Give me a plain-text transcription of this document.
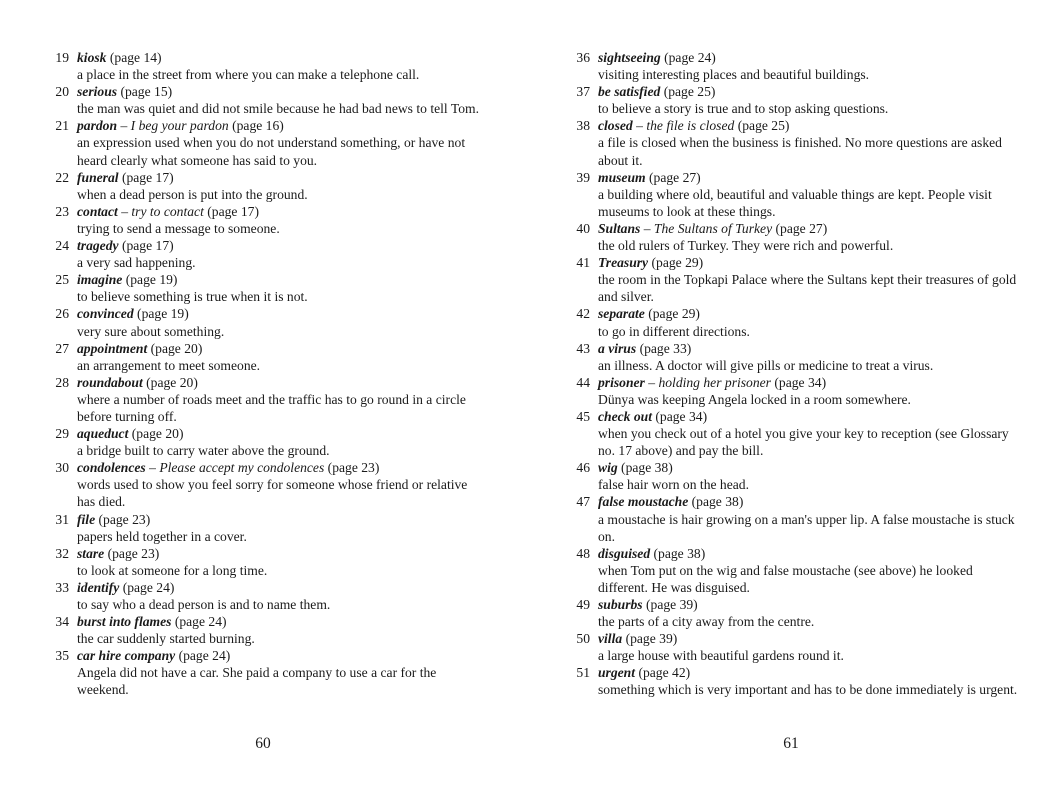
19 kiosk (page 14)
a place in the street from where you can make a telephone call.
20 serious (page 15)
the man was quiet and did not smile because he had bad news to tell Tom.
21 pardon – I beg your pardon (page 16)
an expression used when you do not understand something, or have not heard clearly what someone has said to you.
22 funeral (page 17)
when a dead person is put into the ground.
23 contact – try to contact (page 17)
trying to send a message to someone.
24 tragedy (page 17)
a very sad happening.
25 imagine (page 19)
to believe something is true when it is not.
26 convinced (page 19)
very sure about something.
27 appointment (page 20)
an arrangement to meet someone.
28 roundabout (page 20)
where a number of roads meet and the traffic has to go round in a circle before turning off.
29 aqueduct (page 20)
a bridge built to carry water above the ground.
30 condolences – Please accept my condolences (page 23)
words used to show you feel sorry for someone whose friend or relative has died.
31 file (page 23)
papers held together in a cover.
32 stare (page 23)
to look at someone for a long time.
33 identify (page 24)
to say who a dead person is and to name them.
34 burst into flames (page 24)
the car suddenly started burning.
35 car hire company (page 24)
Angela did not have a car. She paid a company to use a car for the weekend.
60
36 sightseeing (page 24)
visiting interesting places and beautiful buildings.
37 be satisfied (page 25)
to believe a story is true and to stop asking questions.
38 closed – the file is closed (page 25)
a file is closed when the business is finished. No more questions are asked about it.
39 museum (page 27)
a building where old, beautiful and valuable things are kept. People visit museums to look at these things.
40 Sultans – The Sultans of Turkey (page 27)
the old rulers of Turkey. They were rich and powerful.
41 Treasury (page 29)
the room in the Topkapi Palace where the Sultans kept their treasures of gold and silver.
42 separate (page 29)
to go in different directions.
43 a virus (page 33)
an illness. A doctor will give pills or medicine to treat a virus.
44 prisoner – holding her prisoner (page 34)
Dünya was keeping Angela locked in a room somewhere.
45 check out (page 34)
when you check out of a hotel you give your key to reception (see Glossary no. 17 above) and pay the bill.
46 wig (page 38)
false hair worn on the head.
47 false moustache (page 38)
a moustache is hair growing on a man's upper lip. A false moustache is stuck on.
48 disguised (page 38)
when Tom put on the wig and false moustache (see above) he looked different. He was disguised.
49 suburbs (page 39)
the parts of a city away from the centre.
50 villa (page 39)
a large house with beautiful gardens round it.
51 urgent (page 42)
something which is very important and has to be done immediately is urgent.
61
